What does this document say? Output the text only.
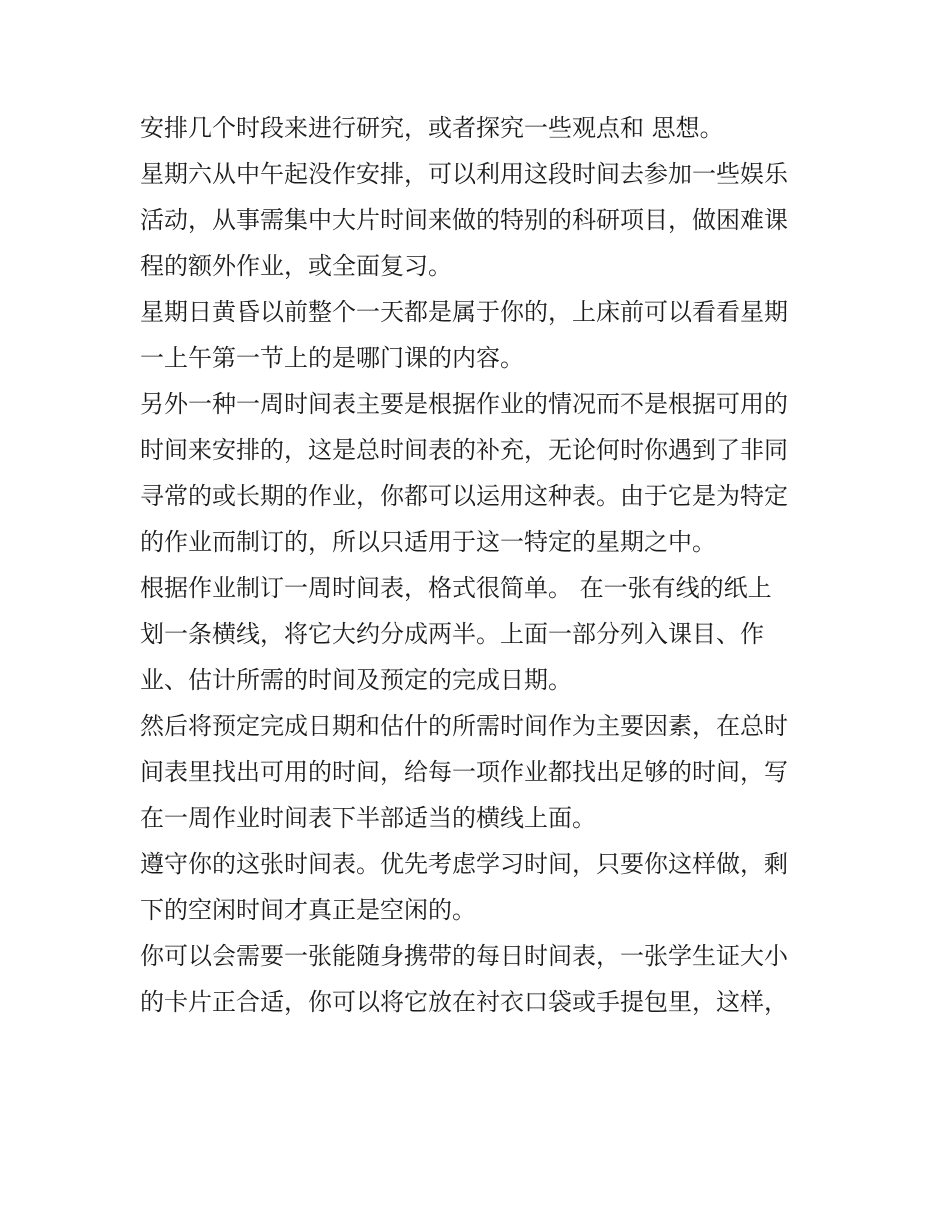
安排几个时段来进行研究，或者探究一些观点和 思想。
星期六从中午起没作安排，可以利用这段时间去参加一些娱乐
活动，从事需集中大片时间来做的特别的科研项目，做困难课
程的额外作业，或全面复习。
星期日黄昏以前整个一天都是属于你的，上床前可以看看星期
一上午第一节上的是哪门课的内容。
另外一种一周时间表主要是根据作业的情况而不是根据可用的
时间来安排的，这是总时间表的补充，无论何时你遇到了非同
寻常的或长期的作业，你都可以运用这种表。由于它是为特定
的作业而制订的，所以只适用于这一特定的星期之中。
根据作业制订一周时间表，格式很简单。 在一张有线的纸上
划一条横线，将它大约分成两半。上面一部分列入课目、作
业、估计所需的时间及预定的完成日期。
然后将预定完成日期和估什的所需时间作为主要因素，在总时
间表里找出可用的时间，给每一项作业都找出足够的时间，写
在一周作业时间表下半部适当的横线上面。
遵守你的这张时间表。优先考虑学习时间，只要你这样做，剩
下的空闲时间才真正是空闲的。
你可以会需要一张能随身携带的每日时间表，一张学生证大小
的卡片正合适，你可以将它放在衬衣口袋或手提包里，这样，
